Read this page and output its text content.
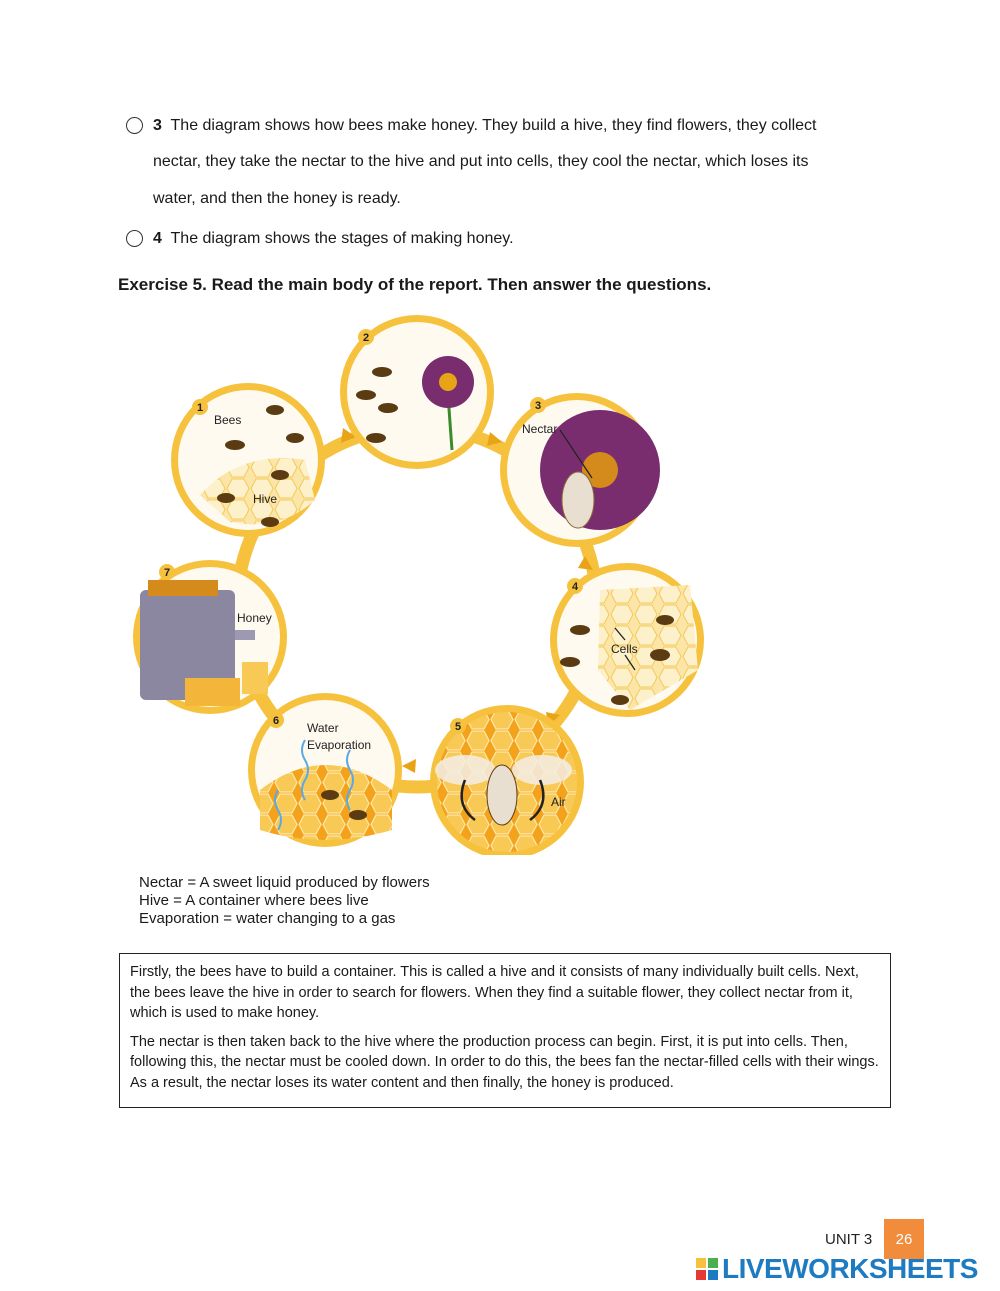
3 The diagram shows how bees make honey. They build a hive, they find flowers, they collect
nectar, they take the nectar to the hive and put into cells, they cool the nectar, which loses its
water, and then the honey is ready.
4 The diagram shows the stages of making honey.
Exercise 5. Read the main body of the report. Then answer the questions.
1
Bees
Hive
2
3
Nectar
4
Cells
5
Air
6 Water
Evaporation
7
Honey
Nectar = A sweet liquid produced by flowers
Hive = A container where bees live
Evaporation = water changing to a gas

Firstly, the bees have to build a container. This is called a hive and it consists of many individually built cells. Next, the bees leave the hive in order to search for flowers. When they find a suitable flower, they collect nectar from it, which is used to make honey.

The nectar is then taken back to the hive where the production process can begin. First, it is put into cells. Then, following this, the nectar must be cooled down. In order to do this, the bees fan the nectar-filled cells with their wings. As a result, the nectar loses its water content and then finally, the honey is produced.

UNIT 3	26
LIVEWORKSHEETS
